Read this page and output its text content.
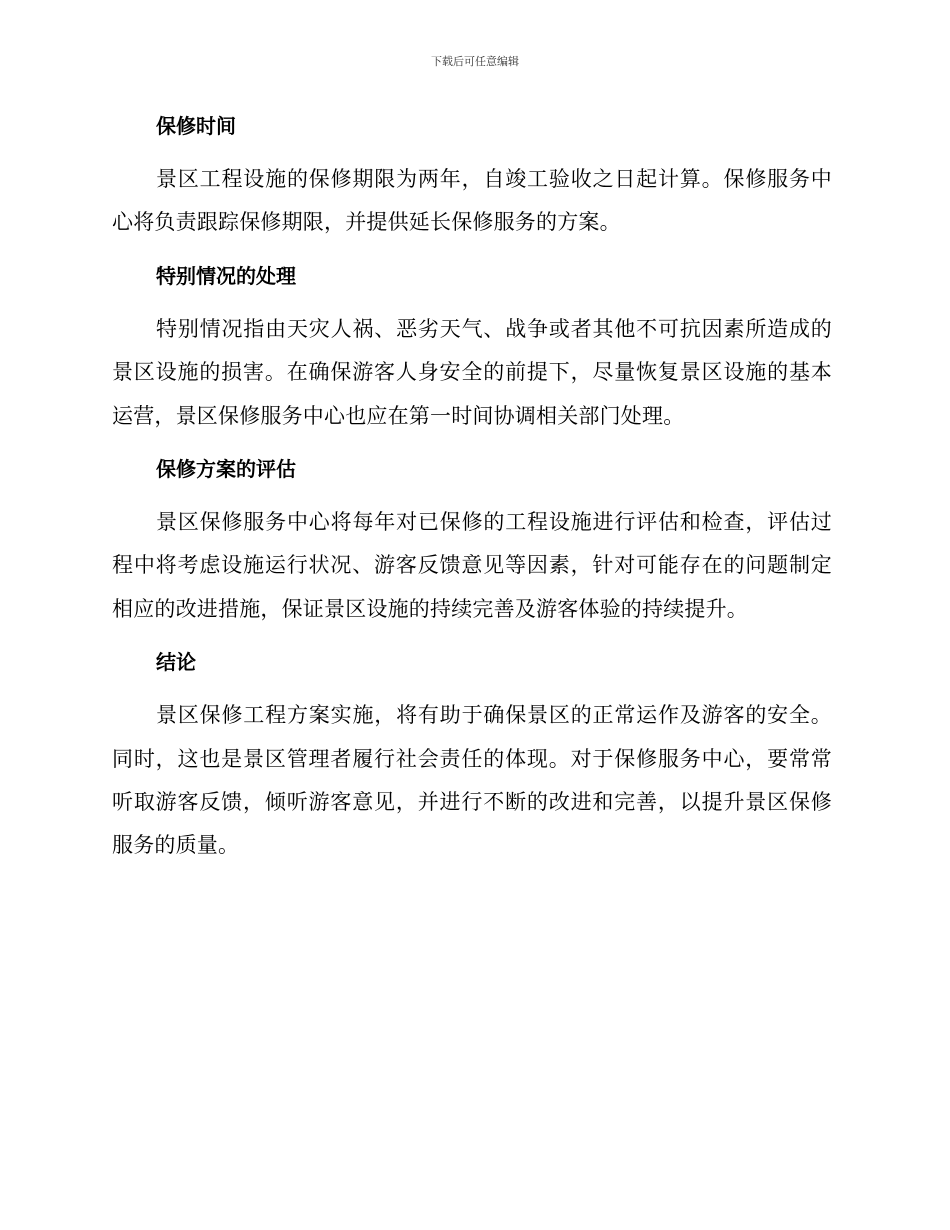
下载后可任意编辑
保修时间

景区工程设施的保修期限为两年，自竣工验收之日起计算。保修服务中心将负责跟踪保修期限，并提供延长保修服务的方案。

特别情况的处理

特别情况指由天灾人祸、恶劣天气、战争或者其他不可抗因素所造成的景区设施的损害。在确保游客人身安全的前提下，尽量恢复景区设施的基本运营，景区保修服务中心也应在第一时间协调相关部门处理。

保修方案的评估

景区保修服务中心将每年对已保修的工程设施进行评估和检查，评估过程中将考虑设施运行状况、游客反馈意见等因素，针对可能存在的问题制定相应的改进措施，保证景区设施的持续完善及游客体验的持续提升。

结论

景区保修工程方案实施，将有助于确保景区的正常运作及游客的安全。同时，这也是景区管理者履行社会责任的体现。对于保修服务中心，要常常听取游客反馈，倾听游客意见，并进行不断的改进和完善，以提升景区保修服务的质量。
